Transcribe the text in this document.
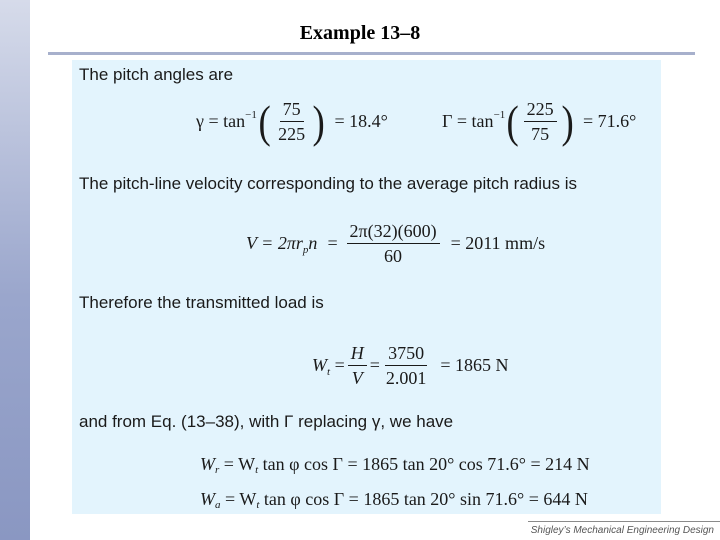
Example 13–8
The pitch angles are
$\gamma = \tan^{-1}$ ( $\frac{75}{225}$ ) = 18.4°	$\Gamma = \tan^{-1}$ ( $\frac{225}{75}$ ) = 71.6°
The pitch-line velocity corresponding to the average pitch radius is
$V = 2\pi r_p$ $n = \frac{2\pi(32)(600)}{60} = 2011$ mm/s
Therefore the transmitted load is
$W_t = \frac{H}{V} = \frac{3750}{2.001} = 1865$ N
and from Eq. (13–38), with Γ replacing γ, we have
$W_r = W_t$ tan φ cos Γ = 1865 tan 20° cos 71.6° = 214 N
$W_a = W_t$ tan φ cos Γ = 1865 tan 20° sin 71.6° = 644 N
Shigley’s Mechanical Engineering Design
